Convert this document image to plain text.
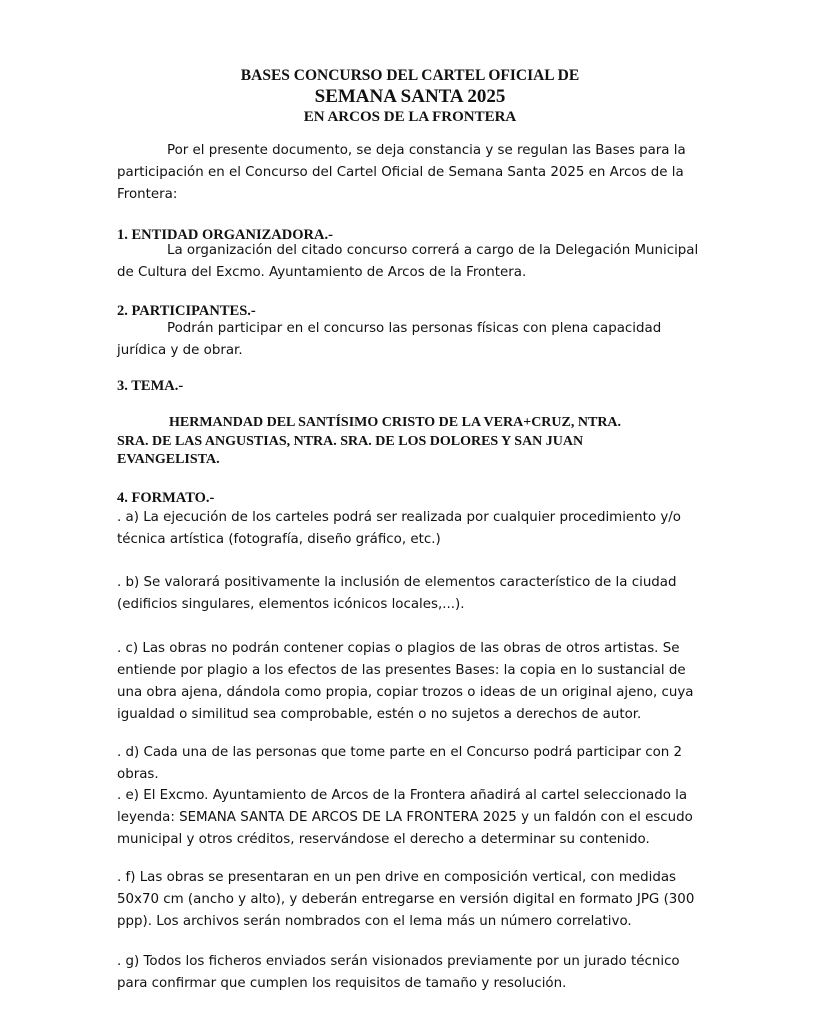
BASES CONCURSO DEL CARTEL OFICIAL DE
SEMANA SANTA 2025
EN ARCOS DE LA FRONTERA
Por el presente documento, se deja constancia y se regulan las Bases para la participación en el Concurso del Cartel Oficial de Semana Santa 2025 en Arcos de la Frontera:
1. ENTIDAD ORGANIZADORA.-
La organización del citado concurso correrá a cargo de la Delegación Municipal de Cultura del Excmo. Ayuntamiento de Arcos de la Frontera.
2. PARTICIPANTES.-
Podrán participar en el concurso las personas físicas con plena capacidad jurídica y de obrar.
3. TEMA.-
HERMANDAD DEL SANTÍSIMO CRISTO DE LA VERA+CRUZ, NTRA.
SRA. DE LAS ANGUSTIAS, NTRA. SRA. DE LOS DOLORES Y SAN JUAN
EVANGELISTA.
4. FORMATO.-
. a) La ejecución de los carteles podrá ser realizada por cualquier procedimiento y/o técnica artística (fotografía, diseño gráfico, etc.)
. b) Se valorará positivamente la inclusión de elementos característico de la ciudad (edificios singulares, elementos icónicos locales,...).
. c) Las obras no podrán contener copias o plagios de las obras de otros artistas. Se entiende por plagio a los efectos de las presentes Bases: la copia en lo sustancial de una obra ajena, dándola como propia, copiar trozos o ideas de un original ajeno, cuya igualdad o similitud sea comprobable, estén o no sujetos a derechos de autor.
. d) Cada una de las personas que tome parte en el Concurso podrá participar con 2 obras.
. e) El Excmo. Ayuntamiento de Arcos de la Frontera añadirá al cartel seleccionado la leyenda: SEMANA SANTA DE ARCOS DE LA FRONTERA 2025 y un faldón con el escudo municipal y otros créditos, reservándose el derecho a determinar su contenido.
. f) Las obras se presentaran en un pen drive en composición vertical, con medidas 50x70 cm (ancho y alto), y deberán entregarse en versión digital en formato JPG (300 ppp). Los archivos serán nombrados con el lema más un número correlativo.
. g) Todos los ficheros enviados serán visionados previamente por un jurado técnico para confirmar que cumplen los requisitos de tamaño y resolución.
